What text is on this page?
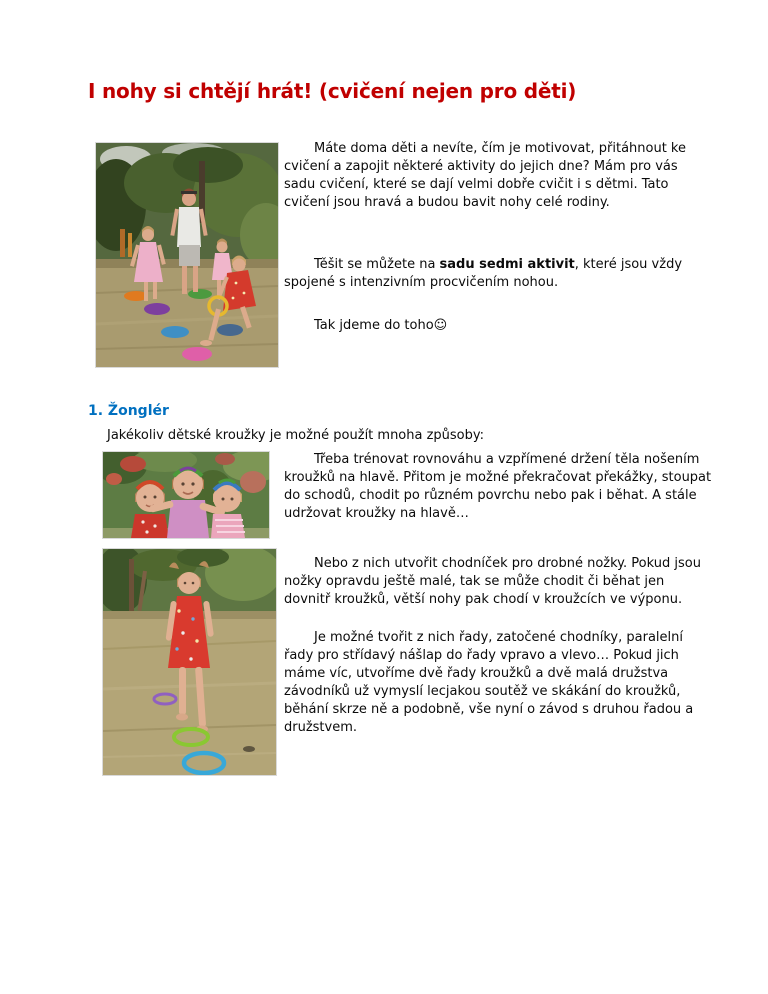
I nohy si chtějí hrát! (cvičení nejen pro děti)

Máte doma děti a nevíte, čím je motivovat, přitáhnout ke cvičení a zapojit některé aktivity do jejich dne? Mám pro vás sadu cvičení, které se dají velmi dobře cvičit i s dětmi. Tato cvičení jsou hravá a budou bavit nohy celé rodiny.

Těšit se můžete na sadu sedmi aktivit, které jsou vždy spojené s intenzivním procvičením nohou.

Tak jdeme do toho☺

1. Žonglér

Jakékoliv dětské kroužky je možné použít mnoha způsoby:

Třeba trénovat rovnováhu a vzpřímené držení těla nošením kroužků na hlavě. Přitom je možné překračovat překážky, stoupat do schodů, chodit po různém povrchu nebo pak i běhat. A stále udržovat kroužky na hlavě…

Nebo z nich utvořit chodníček pro drobné nožky. Pokud jsou nožky opravdu ještě malé, tak se může chodit či běhat jen dovnitř kroužků, větší nohy pak chodí v kroužcích ve výponu.

Je možné tvořit z nich řady, zatočené chodníky, paralelní řady pro střídavý nášlap do řady vpravo a vlevo… Pokud jich máme víc, utvoříme dvě řady kroužků a dvě malá družstva závodníků už vymyslí lecjakou soutěž ve skákání do kroužků, běhání skrze ně a podobně, vše nyní o závod s druhou řadou a družstvem.
